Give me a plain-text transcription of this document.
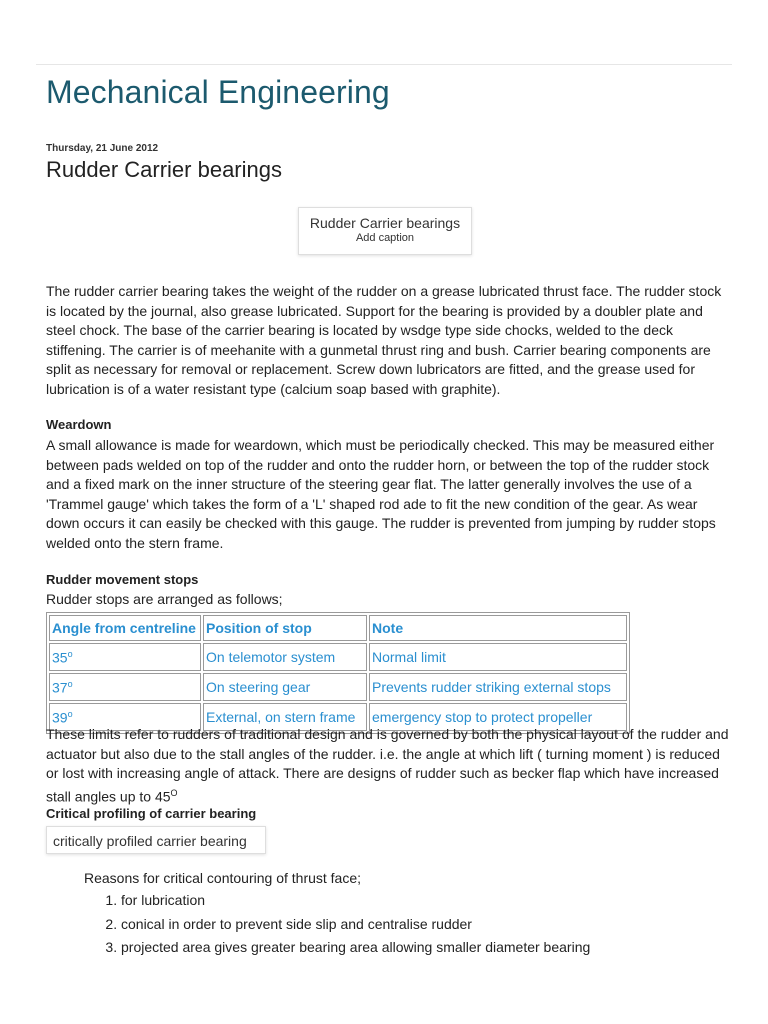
Mechanical Engineering
Thursday, 21 June 2012
Rudder Carrier bearings
Rudder Carrier bearings
Add caption

The rudder carrier bearing takes the weight of the rudder on a grease lubricated thrust face. The rudder stock is located by the journal, also grease lubricated. Support for the bearing is provided by a doubler plate and steel chock. The base of the carrier bearing is located by wsdge type side chocks, welded to the deck stiffening. The carrier is of meehanite with a gunmetal thrust ring and bush. Carrier bearing components are split as necessary for removal or replacement. Screw down lubricators are fitted, and the grease used for lubrication is of a water resistant type (calcium soap based with graphite).

Weardown

A small allowance is made for weardown, which must be periodically checked. This may be measured either between pads welded on top of the rudder and onto the rudder horn, or between the top of the rudder stock and a fixed mark on the inner structure of the steering gear flat. The latter generally involves the use of a 'Trammel gauge' which takes the form of a 'L' shaped rod ade to fit the new condition of the gear. As wear down occurs it can easily be checked with this gauge. The rudder is prevented from jumping by rudder stops welded onto the stern frame.

Rudder movement stops
Rudder stops are arranged as follows;
Angle from centreline	Position of stop	Note
35$^o$	On telemotor system	Normal limit
37$^o$	On steering gear	Prevents rudder striking external stops
39$^o$	External, on stern frame	emergency stop to protect propeller

These limits refer to rudders of traditional design and is governed by both the physical layout of the rudder and actuator but also due to the stall angles of the rudder. i.e. the angle at which lift ( turning moment ) is reduced or lost with increasing angle of attack. There are designs of rudder such as becker flap which have increased stall angles up to $45^O$

Critical profiling of carrier bearing
critically profiled carrier bearing
Reasons for critical contouring of thrust face;
1. for lubrication
2. conical in order to prevent side slip and centralise rudder
3. projected area gives greater bearing area allowing smaller diameter bearing
